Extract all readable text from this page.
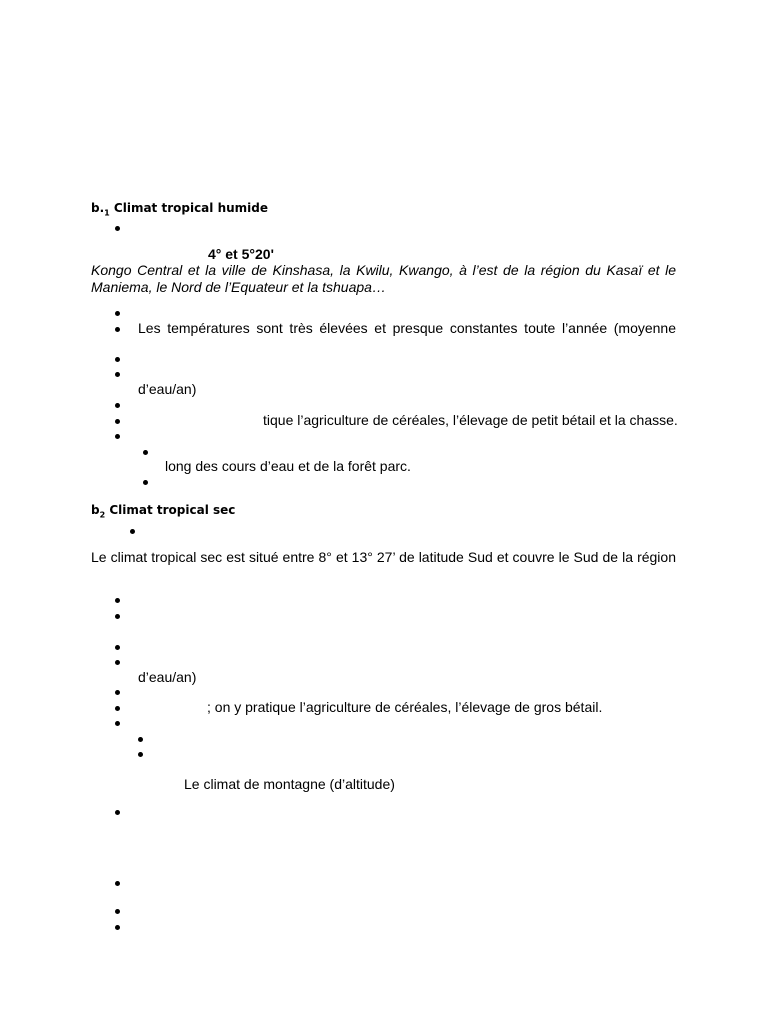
$b._1$ Climat tropical humide
4° et 5°20'
Kongo Central et la ville de Kinshasa, la Kwilu, Kwango, à l’est de la région du Kasaï et le Maniema, le Nord de l’Equateur et la tshuapa…
Les températures sont très élevées et presque constantes toute l’année (moyenne
d’eau/an)
tique l’agriculture de céréales, l’élevage de petit bétail et la chasse.
long des cours d’eau et de la forêt parc.
$b_2$ Climat tropical sec
Le climat tropical sec est situé entre 8° et 13° 27’ de latitude Sud et couvre le Sud de la région
d’eau/an)
; on y pratique l’agriculture de céréales, l’élevage de gros bétail.
Le climat de montagne (d’altitude)
